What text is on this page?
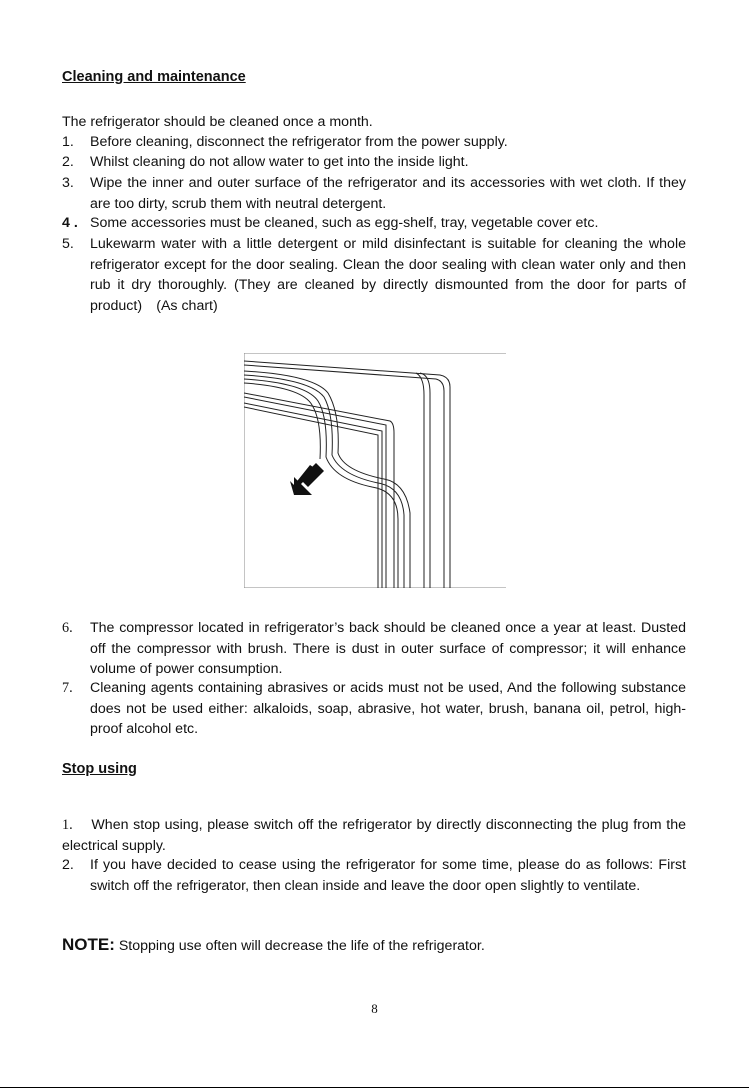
Cleaning and maintenance
The refrigerator should be cleaned once a month.
1. Before cleaning, disconnect the refrigerator from the power supply.
2. Whilst cleaning do not allow water to get into the inside light.
3. Wipe the inner and outer surface of the refrigerator and its accessories with wet cloth. If they are too dirty, scrub them with neutral detergent.
4 . Some accessories must be cleaned, such as egg-shelf, tray, vegetable cover etc.
5. Lukewarm water with a little detergent or mild disinfectant is suitable for cleaning the whole refrigerator except for the door sealing. Clean the door sealing with clean water only and then rub it dry thoroughly. (They are cleaned by directly dismounted from the door for parts of product)　(As chart)
6. The compressor located in refrigerator’s back should be cleaned once a year at least. Dusted off the compressor with brush. There is dust in outer surface of compressor; it will enhance volume of power consumption.
7. Cleaning agents containing abrasives or acids must not be used, And the following substance does not be used either: alkaloids, soap, abrasive, hot water, brush, banana oil, petrol, high-proof alcohol etc.
Stop using
1. When stop using, please switch off the refrigerator by directly disconnecting the plug from the electrical supply.
2. If you have decided to cease using the refrigerator for some time, please do as follows: First switch off the refrigerator, then clean inside and leave the door open slightly to ventilate.
NOTE: Stopping use often will decrease the life of the refrigerator.
8
